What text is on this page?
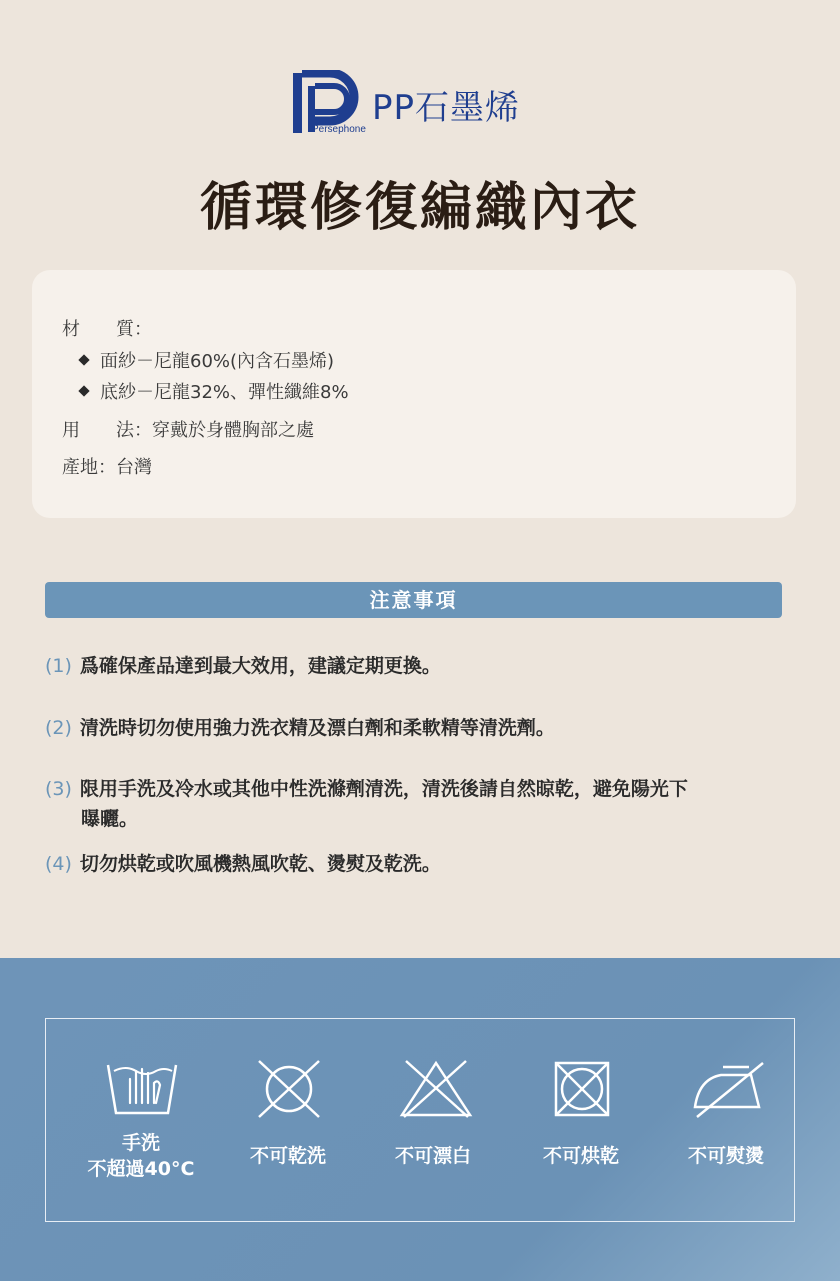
PP石墨烯
Persephone
循環修復編織內衣
材　　質：
面紗－尼龍60%(內含石墨烯)
底紗－尼龍32%、彈性纖維8%
用　　法：穿戴於身體胸部之處
產地：台灣
注意事項
(1) 爲確保產品達到最大效用，建議定期更換。
(2) 清洗時切勿使用強力洗衣精及漂白劑和柔軟精等清洗劑。
(3) 限用手洗及冷水或其他中性洗滌劑清洗，清洗後請自然晾乾，避免陽光下
曝曬。
(4) 切勿烘乾或吹風機熱風吹乾、燙熨及乾洗。
手洗
不超過40°C
不可乾洗	不可漂白	不可烘乾	不可熨燙
